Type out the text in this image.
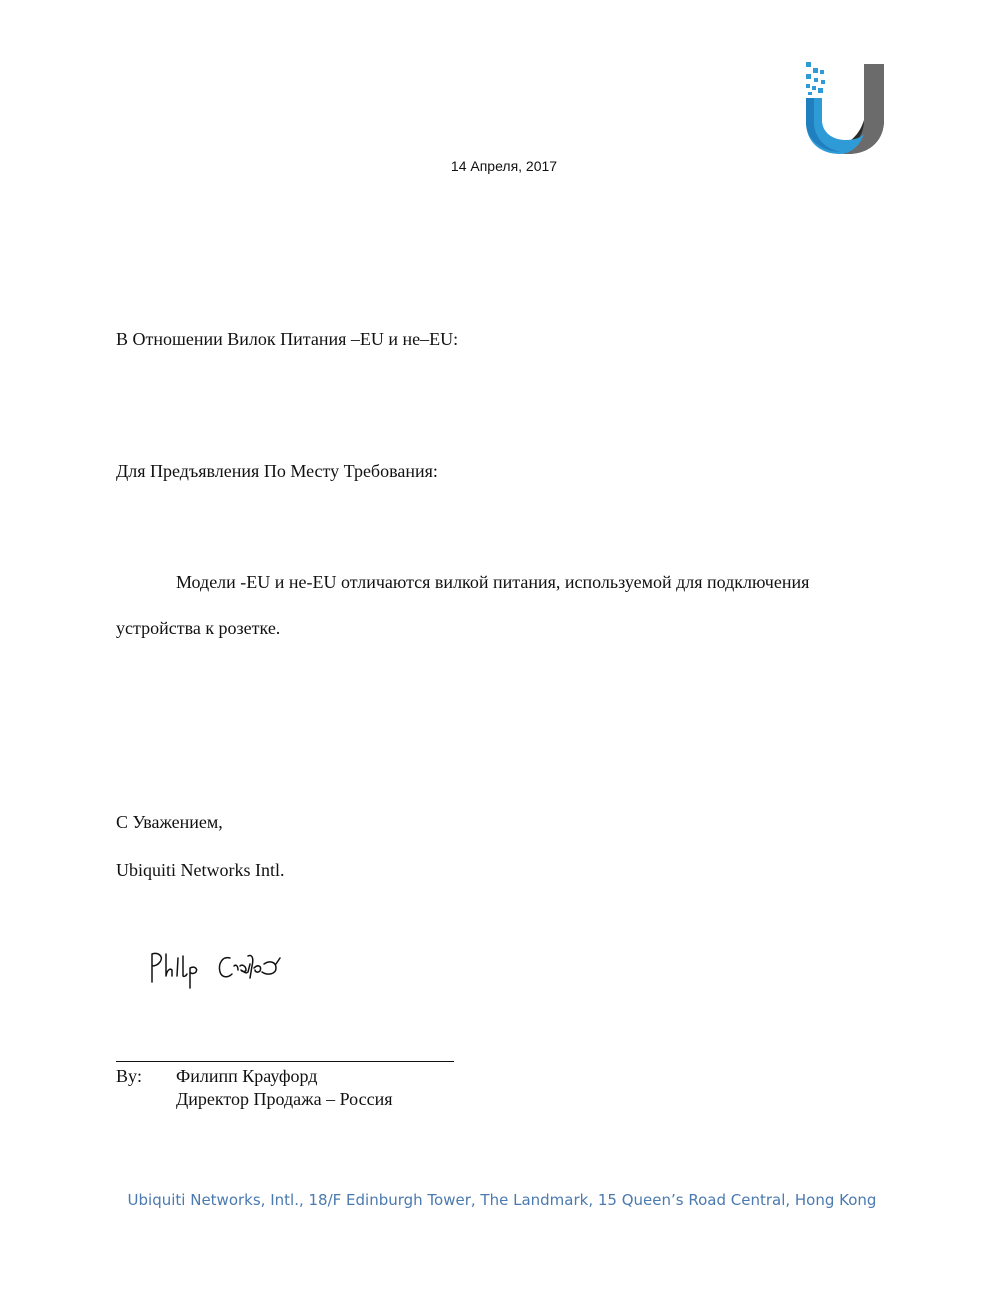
14 Апреля, 2017
В Отношении Вилок Питания –EU и не–EU:
Для Предъявления По Месту Требования:
Модели -EU и не-EU отличаются вилкой питания, используемой для подключения
устройства к розетке.
С Уважением,
Ubiquiti Networks Intl.
By: Филипп Крауфорд
Директор Продажа – Россия
Ubiquiti Networks, Intl., 18/F Edinburgh Tower, The Landmark, 15 Queen’s Road Central, Hong Kong
